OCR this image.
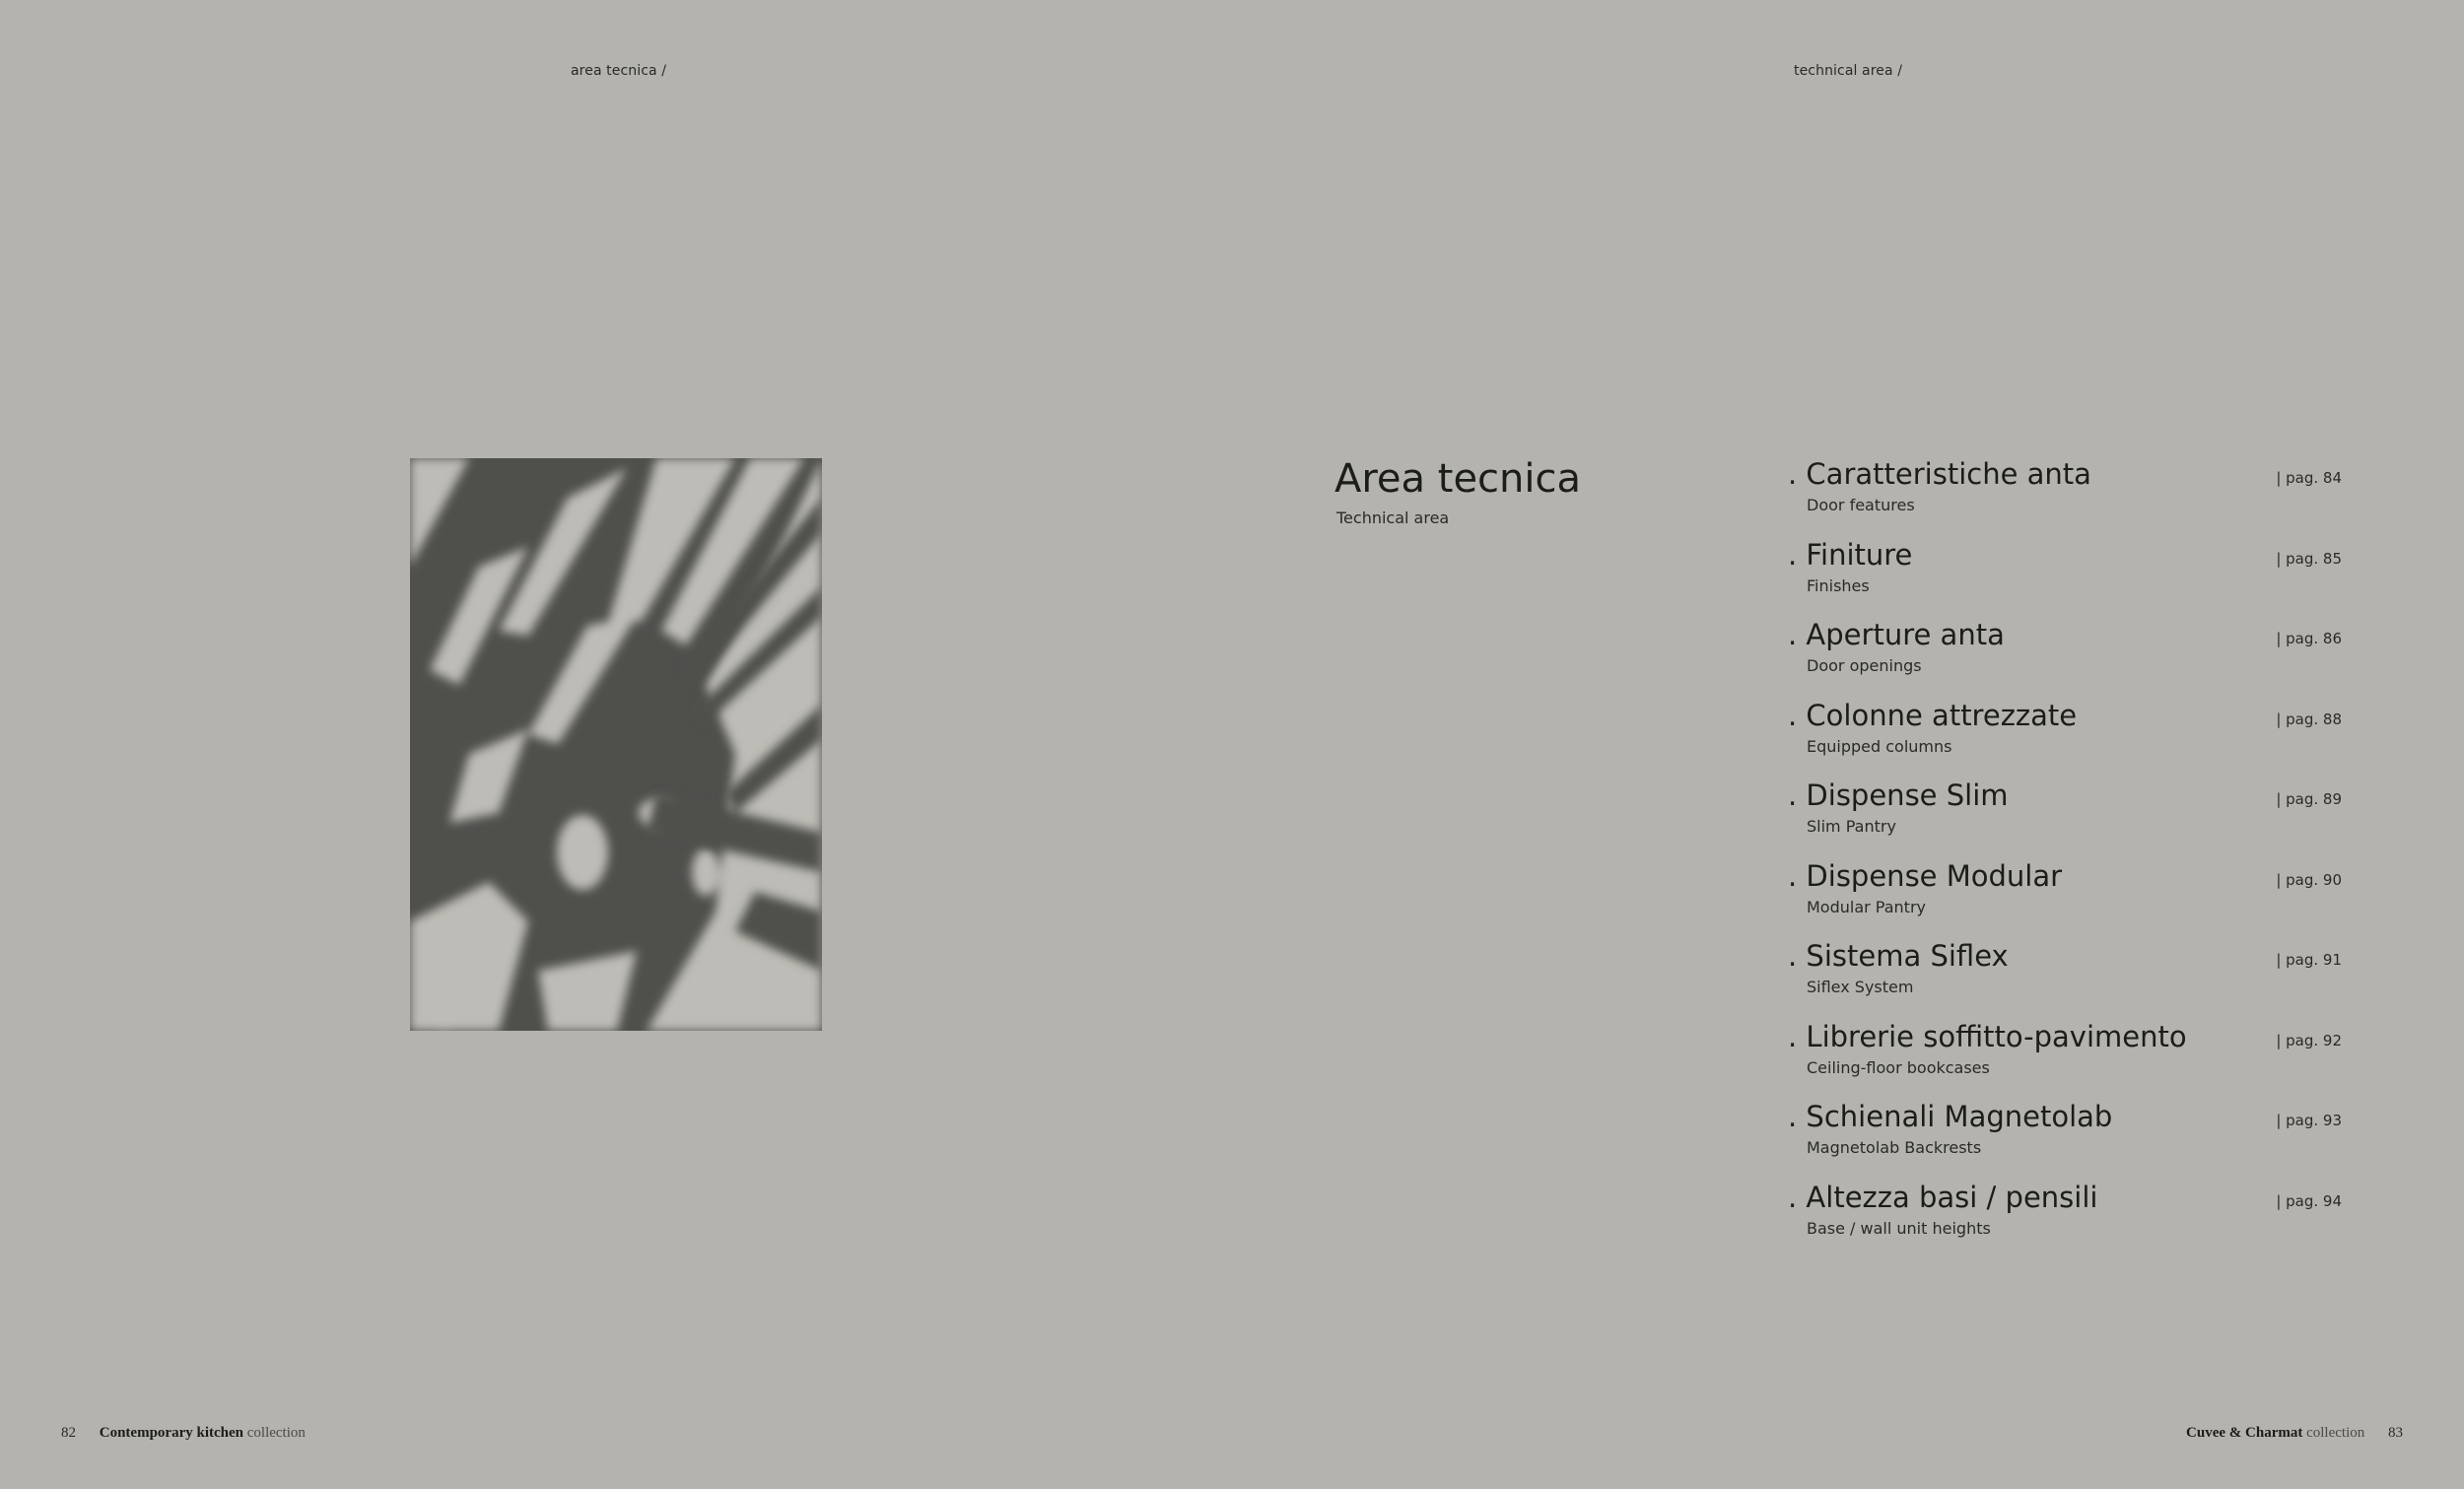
area tecnica /	technical area /
Area tecnica
Technical area
. Caratteristiche anta
Door features
| pag. 84
. Finiture
Finishes
| pag. 85
. Aperture anta
Door openings
| pag. 86
. Colonne attrezzate
Equipped columns
| pag. 88
. Dispense Slim
Slim Pantry
| pag. 89
. Dispense Modular
Modular Pantry
| pag. 90
. Sistema Siflex
Siflex System
| pag. 91
. Librerie soffitto-pavimento
Ceiling-floor bookcases
| pag. 92
. Schienali Magnetolab
Magnetolab Backrests
| pag. 93
. Altezza basi / pensili
Base / wall unit heights
| pag. 94
82 Contemporary kitchen collection	Cuvee & Charmat collection 83
